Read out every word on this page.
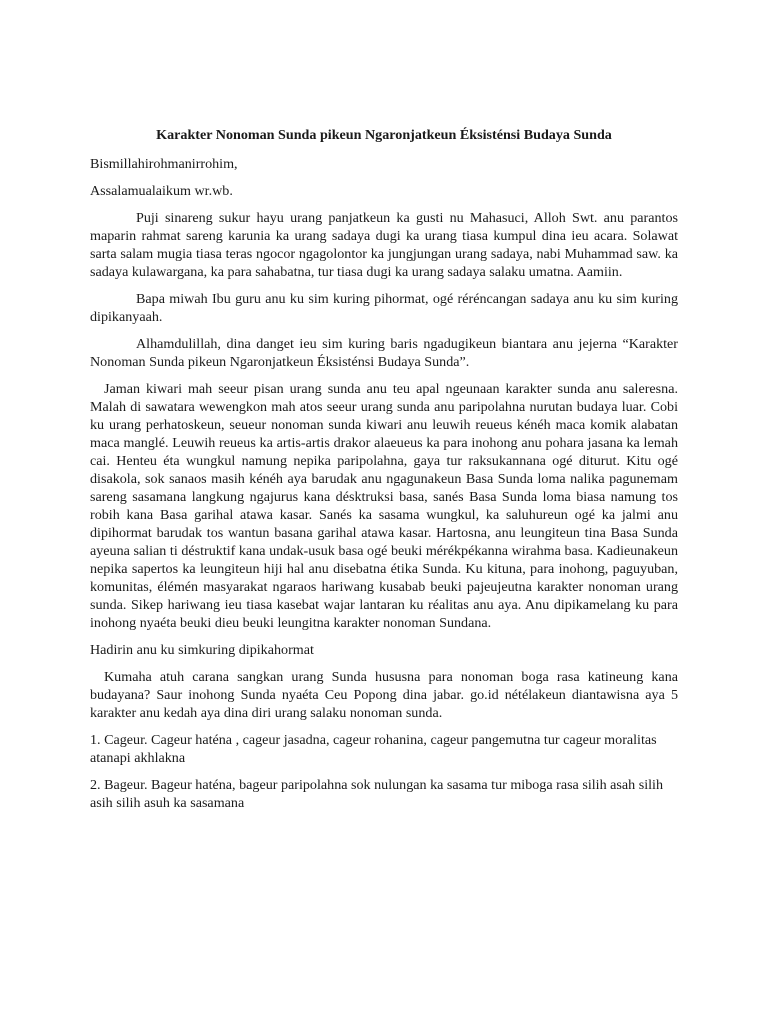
Karakter Nonoman Sunda pikeun Ngaronjatkeun Éksisténsi Budaya Sunda

Bismillahirohmanirrohim,

Assalamualaikum wr.wb.

Puji sinareng sukur hayu urang panjatkeun ka gusti nu Mahasuci, Alloh Swt. anu parantos maparin rahmat sareng karunia ka urang sadaya dugi ka urang tiasa kumpul dina ieu acara. Solawat sarta salam mugia tiasa teras ngocor ngagolontor ka jungjungan urang sadaya, nabi Muhammad saw. ka sadaya kulawargana, ka para sahabatna, tur tiasa dugi ka urang sadaya salaku umatna. Aamiin.

Bapa miwah Ibu guru anu ku sim kuring pihormat, ogé réréncangan sadaya anu ku sim kuring dipikanyaah.

Alhamdulillah, dina danget ieu sim kuring baris ngadugikeun biantara anu jejerna “Karakter Nonoman Sunda pikeun Ngaronjatkeun Éksisténsi Budaya Sunda”.

Jaman kiwari mah seeur pisan urang sunda anu teu apal ngeunaan karakter sunda anu saleresna. Malah di sawatara wewengkon mah atos seeur urang sunda anu paripolahna nurutan budaya luar. Cobi ku urang perhatoskeun, seueur nonoman sunda kiwari anu leuwih reueus kénéh maca komik alabatan maca manglé. Leuwih reueus ka artis-artis drakor alaeueus ka para inohong anu pohara jasana ka lemah cai. Henteu éta wungkul namung nepika paripolahna, gaya tur raksukannana ogé diturut. Kitu ogé disakola, sok sanaos masih kénéh aya barudak anu ngagunakeun Basa Sunda loma nalika pagunemam sareng sasamana langkung ngajurus kana désktruksi basa, sanés Basa Sunda loma biasa namung tos robih kana Basa garihal atawa kasar. Sanés ka sasama wungkul, ka saluhureun ogé ka jalmi anu dipihormat barudak tos wantun basana garihal atawa kasar. Hartosna, anu leungiteun tina Basa Sunda ayeuna salian ti déstruktif kana undak-usuk basa ogé beuki mérékpékanna wirahma basa. Kadieunakeun nepika sapertos ka leungiteun hiji hal anu disebatna étika Sunda. Ku kituna, para inohong, paguyuban, komunitas, élémén masyarakat ngaraos hariwang kusabab beuki pajeujeutna karakter nonoman urang sunda. Sikep hariwang ieu tiasa kasebat wajar lantaran ku réalitas anu aya. Anu dipikamelang ku para inohong nyaéta beuki dieu beuki leungitna karakter nonoman Sundana.

Hadirin anu ku simkuring dipikahormat

Kumaha atuh carana sangkan urang Sunda hususna para nonoman boga rasa katineung kana budayana? Saur inohong Sunda nyaéta Ceu Popong dina jabar. go.id nétélakeun diantawisna aya 5 karakter anu kedah aya dina diri urang salaku nonoman sunda.

1. Cageur. Cageur haténa , cageur jasadna, cageur rohanina, cageur pangemutna tur cageur moralitas atanapi akhlakna

2. Bageur. Bageur haténa, bageur paripolahna sok nulungan ka sasama tur miboga rasa silih asah silih asih silih asuh ka sasamana
